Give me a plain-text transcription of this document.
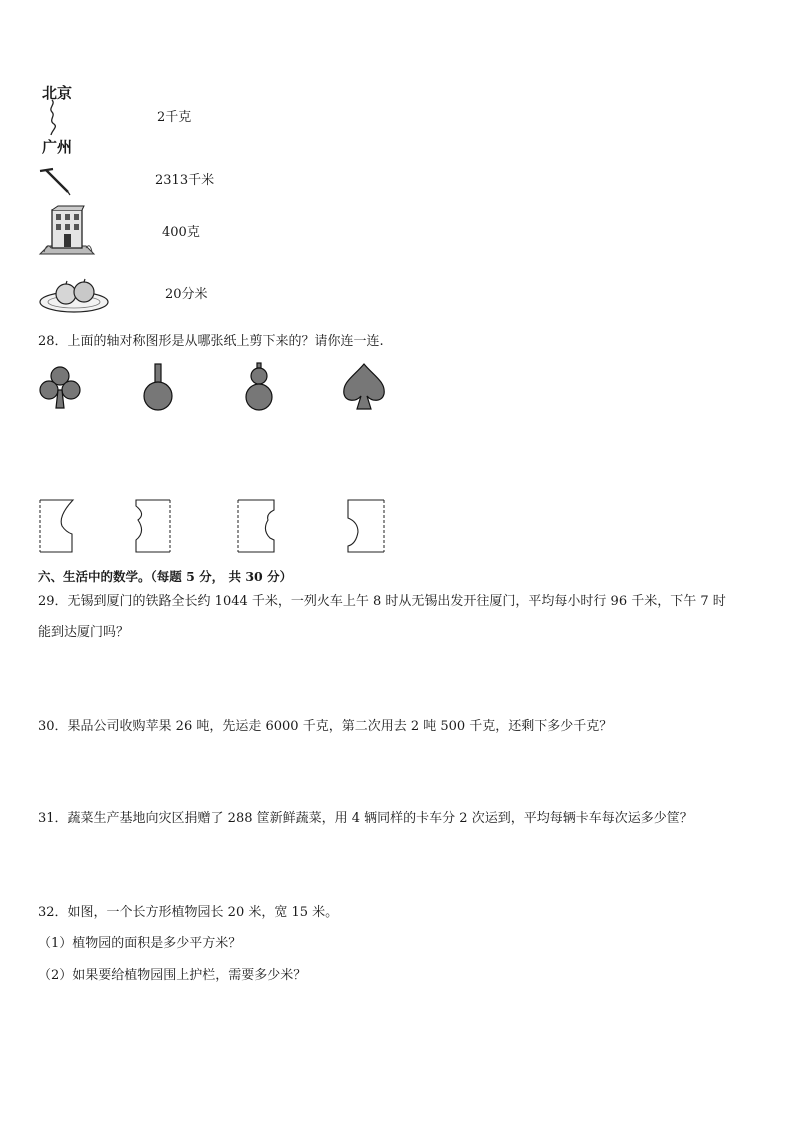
北京
广州
2千克
2313千米
400克
20分米
28．上面的轴对称图形是从哪张纸上剪下来的？请你连一连.
六、生活中的数学。（每题 5 分， 共 30 分）
29．无锡到厦门的铁路全长约 1044 千米，一列火车上午 8 时从无锡出发开往厦门，平均每小时行 96 千米，下午 7 时
能到达厦门吗？
30．果品公司收购苹果 26 吨，先运走 6000 千克，第二次用去 2 吨 500 千克，还剩下多少千克？
31．蔬菜生产基地向灾区捐赠了 288 筐新鲜蔬菜，用 4 辆同样的卡车分 2 次运到，平均每辆卡车每次运多少筐？
32．如图，一个长方形植物园长 20 米，宽 15 米。
（1）植物园的面积是多少平方米？
（2）如果要给植物园围上护栏，需要多少米？
